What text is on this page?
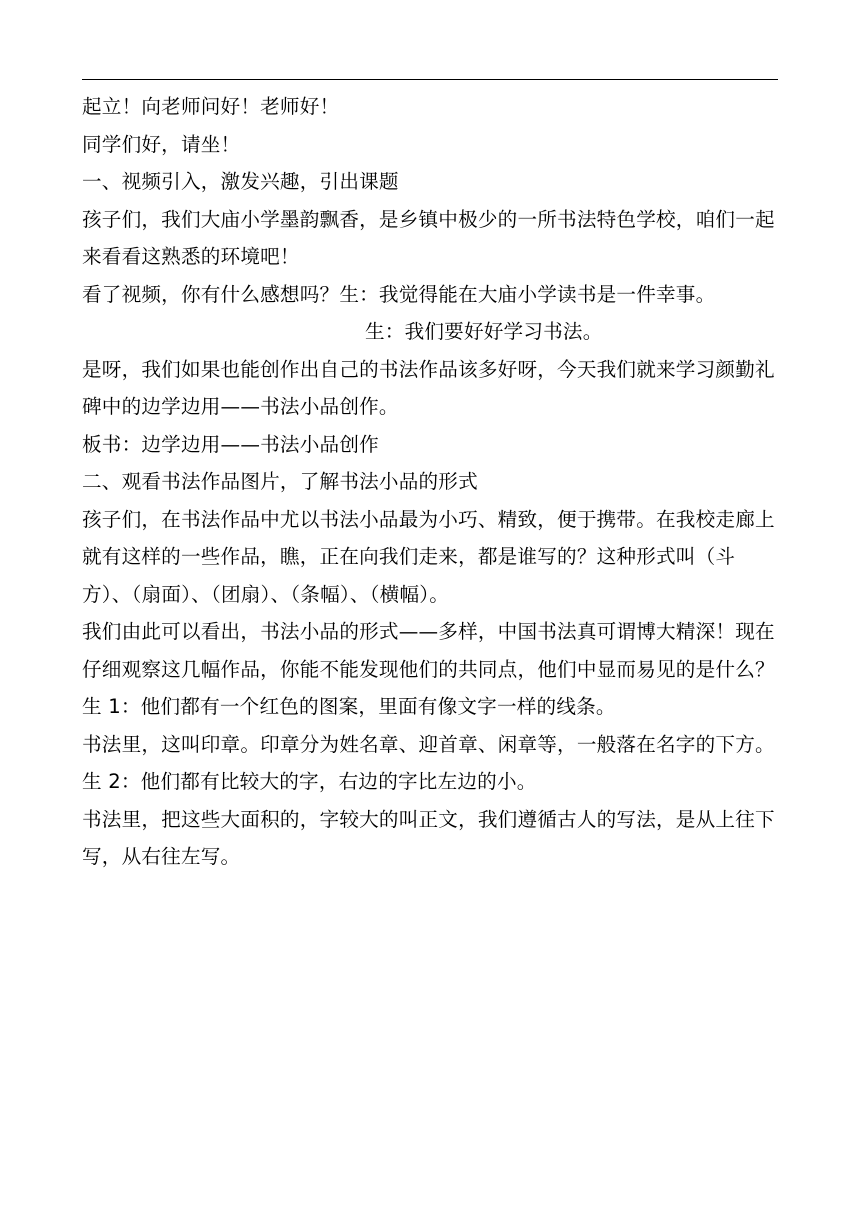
起立！向老师问好！老师好！

同学们好，请坐！

一、视频引入，激发兴趣，引出课题

孩子们，我们大庙小学墨韵飘香，是乡镇中极少的一所书法特色学校，咱们一起来看看这熟悉的环境吧！

看了视频，你有什么感想吗？生：我觉得能在大庙小学读书是一件幸事。

生：我们要好好学习书法。

是呀，我们如果也能创作出自己的书法作品该多好呀，今天我们就来学习颜勤礼碑中的边学边用——书法小品创作。

板书：边学边用——书法小品创作

二、观看书法作品图片，了解书法小品的形式

孩子们，在书法作品中尤以书法小品最为小巧、精致，便于携带。在我校走廊上就有这样的一些作品，瞧，正在向我们走来，都是谁写的？这种形式叫（斗方）、（扇面）、（团扇）、（条幅）、（横幅）。

我们由此可以看出，书法小品的形式——多样，中国书法真可谓博大精深！现在仔细观察这几幅作品，你能不能发现他们的共同点，他们中显而易见的是什么？

生 1：他们都有一个红色的图案，里面有像文字一样的线条。

书法里，这叫印章。印章分为姓名章、迎首章、闲章等，一般落在名字的下方。

生 2：他们都有比较大的字，右边的字比左边的小。

书法里，把这些大面积的，字较大的叫正文，我们遵循古人的写法，是从上往下写，从右往左写。
